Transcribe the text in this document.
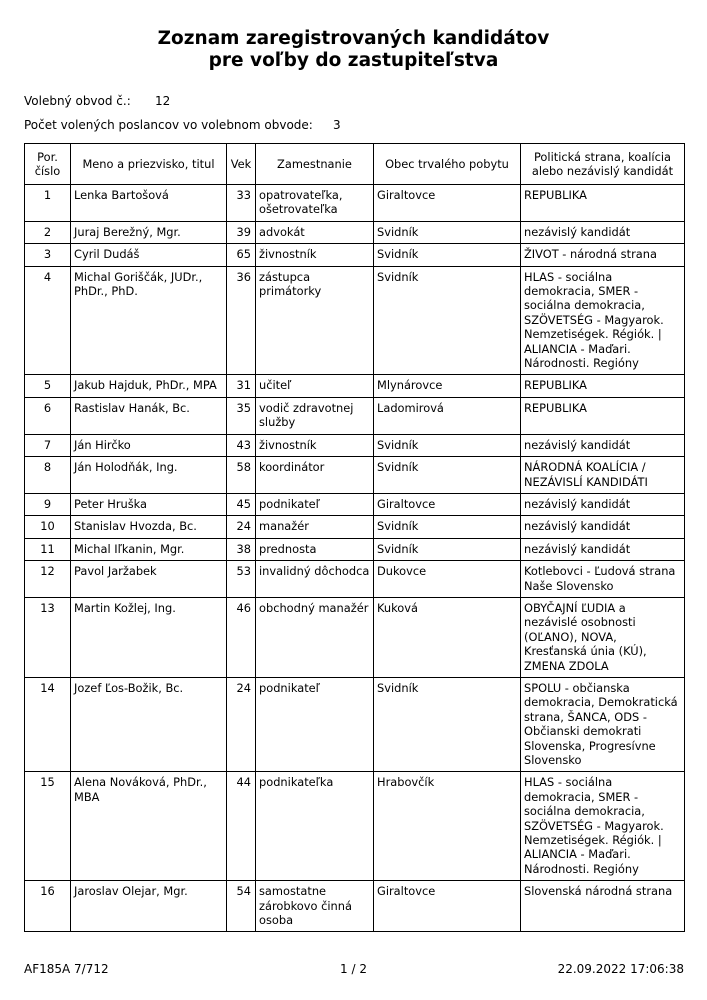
Zoznam zaregistrovaných kandidátov
pre voľby do zastupiteľstva
Volebný obvod č.: 12
Počet volených poslancov vo volebnom obvode: 3
Por. číslo	Meno a priezvisko, titul	Vek	Zamestnanie	Obec trvalého pobytu	Politická strana, koalícia alebo nezávislý kandidát
1	Lenka Bartošová	33	opatrovateľka, ošetrovateľka	Giraltovce	REPUBLIKA
2	Juraj Berežný, Mgr.	39	advokát	Svidník	nezávislý kandidát
3	Cyril Dudáš	65	živnostník	Svidník	ŽIVOT - národná strana
4	Michal Goriščák, JUDr., PhDr., PhD.	36	zástupca primátorky	Svidník	HLAS - sociálna demokracia, SMER - sociálna demokracia, SZÖVETSÉG - Magyarok. Nemzetiségek. Régiók. | ALIANCIA - Maďari. Národnosti. Regióny
5	Jakub Hajduk, PhDr., MPA	31	učiteľ	Mlynárovce	REPUBLIKA
6	Rastislav Hanák, Bc.	35	vodič zdravotnej služby	Ladomirová	REPUBLIKA
7	Ján Hirčko	43	živnostník	Svidník	nezávislý kandidát
8	Ján Holodňák, Ing.	58	koordinátor	Svidník	NÁRODNÁ KOALÍCIA / NEZÁVISLÍ KANDIDÁTI
9	Peter Hruška	45	podnikateľ	Giraltovce	nezávislý kandidát
10	Stanislav Hvozda, Bc.	24	manažér	Svidník	nezávislý kandidát
11	Michal Iľkanin, Mgr.	38	prednosta	Svidník	nezávislý kandidát
12	Pavol Jaržabek	53	invalidný dôchodca	Dukovce	Kotlebovci - Ľudová strana Naše Slovensko
13	Martin Kožlej, Ing.	46	obchodný manažér	Kuková	OBYČAJNÍ ĽUDIA a nezávislé osobnosti (OĽANO), NOVA, Kresťanská únia (KÚ), ZMENA ZDOLA
14	Jozef Ľos-Božik, Bc.	24	podnikateľ	Svidník	SPOLU - občianska demokracia, Demokratická strana, ŠANCA, ODS - Občianski demokrati Slovenska, Progresívne Slovensko
15	Alena Nováková, PhDr., MBA	44	podnikateľka	Hrabovčík	HLAS - sociálna demokracia, SMER - sociálna demokracia, SZÖVETSÉG - Magyarok. Nemzetiségek. Régiók. | ALIANCIA - Maďari. Národnosti. Regióny
16	Jaroslav Olejar, Mgr.	54	samostatne zárobkovo činná osoba	Giraltovce	Slovenská národná strana
AF185A 7/712	1 / 2	22.09.2022 17:06:38
